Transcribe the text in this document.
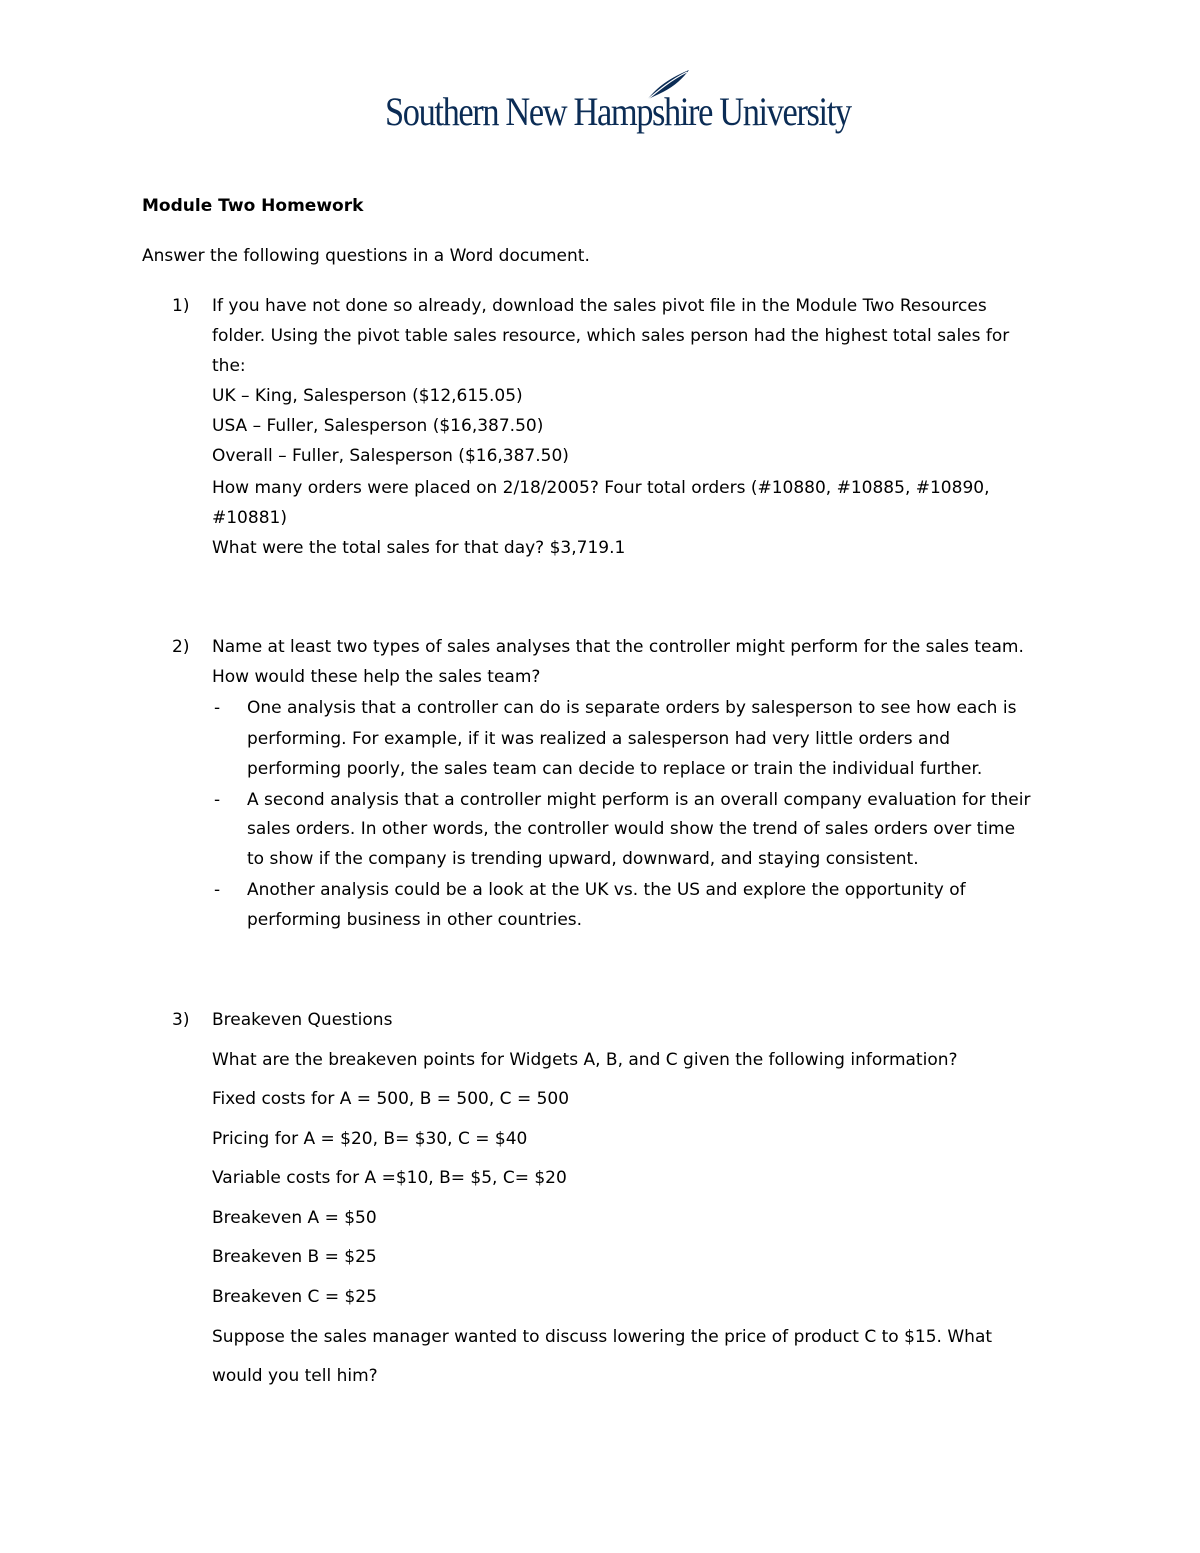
Southern New Hampshire University
Module Two Homework
Answer the following questions in a Word document.
1) If you have not done so already, download the sales pivot file in the Module Two Resources
folder. Using the pivot table sales resource, which sales person had the highest total sales for
the:
UK – King, Salesperson ($12,615.05)
USA – Fuller, Salesperson ($16,387.50)
Overall – Fuller, Salesperson ($16,387.50)
How many orders were placed on 2/18/2005? Four total orders (#10880, #10885, #10890,
#10881)
What were the total sales for that day? $3,719.1
2) Name at least two types of sales analyses that the controller might perform for the sales team.
How would these help the sales team?
- One analysis that a controller can do is separate orders by salesperson to see how each is
performing. For example, if it was realized a salesperson had very little orders and
performing poorly, the sales team can decide to replace or train the individual further.
- A second analysis that a controller might perform is an overall company evaluation for their
sales orders. In other words, the controller would show the trend of sales orders over time
to show if the company is trending upward, downward, and staying consistent.
- Another analysis could be a look at the UK vs. the US and explore the opportunity of
performing business in other countries.
3) Breakeven Questions
What are the breakeven points for Widgets A, B, and C given the following information?
Fixed costs for A = 500, B = 500, C = 500
Pricing for A = $20, B= $30, C = $40
Variable costs for A =$10, B= $5, C= $20
Breakeven A = $50
Breakeven B = $25
Breakeven C = $25
Suppose the sales manager wanted to discuss lowering the price of product C to $15. What
would you tell him?
